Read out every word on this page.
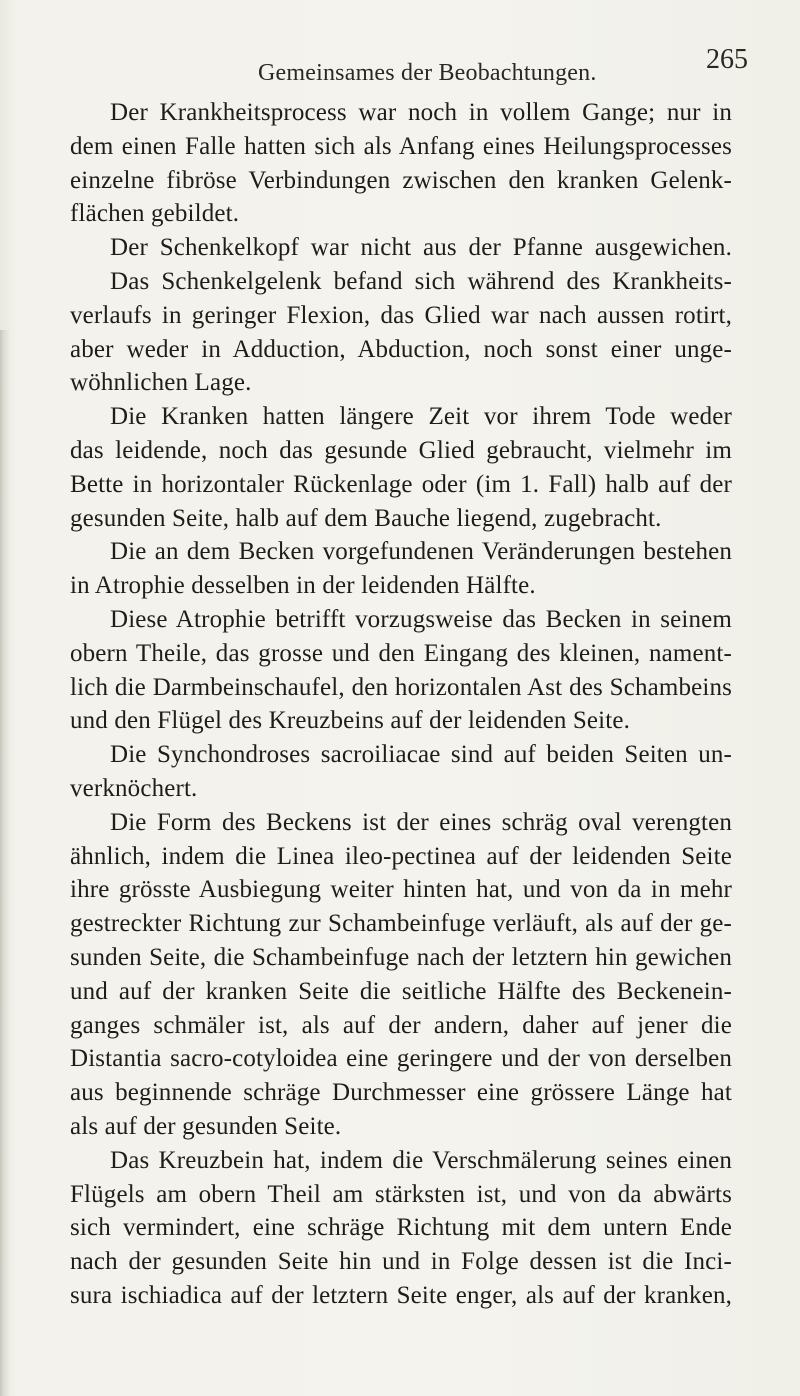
Gemeinsames der Beobachtungen.	265
Der Krankheitsprocess war noch in vollem Gange; nur in
dem einen Falle hatten sich als Anfang eines Heilungsprocesses
einzelne fibröse Verbindungen zwischen den kranken Gelenk-
flächen gebildet.
Der Schenkelkopf war nicht aus der Pfanne ausgewichen.
Das Schenkelgelenk befand sich während des Krankheits-
verlaufs in geringer Flexion, das Glied war nach aussen rotirt,
aber weder in Adduction, Abduction, noch sonst einer unge-
wöhnlichen Lage.
Die Kranken hatten längere Zeit vor ihrem Tode weder
das leidende, noch das gesunde Glied gebraucht, vielmehr im
Bette in horizontaler Rückenlage oder (im 1. Fall) halb auf der
gesunden Seite, halb auf dem Bauche liegend, zugebracht.
Die an dem Becken vorgefundenen Veränderungen bestehen
in Atrophie desselben in der leidenden Hälfte.
Diese Atrophie betrifft vorzugsweise das Becken in seinem
obern Theile, das grosse und den Eingang des kleinen, nament-
lich die Darmbeinschaufel, den horizontalen Ast des Schambeins
und den Flügel des Kreuzbeins auf der leidenden Seite.
Die Synchondroses sacroiliacae sind auf beiden Seiten un-
verknöchert.
Die Form des Beckens ist der eines schräg oval verengten
ähnlich, indem die Linea ileo-pectinea auf der leidenden Seite
ihre grösste Ausbiegung weiter hinten hat, und von da in mehr
gestreckter Richtung zur Schambeinfuge verläuft, als auf der ge-
sunden Seite, die Schambeinfuge nach der letztern hin gewichen
und auf der kranken Seite die seitliche Hälfte des Beckenein-
ganges schmäler ist, als auf der andern, daher auf jener die
Distantia sacro-cotyloidea eine geringere und der von derselben
aus beginnende schräge Durchmesser eine grössere Länge hat
als auf der gesunden Seite.
Das Kreuzbein hat, indem die Verschmälerung seines einen
Flügels am obern Theil am stärksten ist, und von da abwärts
sich vermindert, eine schräge Richtung mit dem untern Ende
nach der gesunden Seite hin und in Folge dessen ist die Inci-
sura ischiadica auf der letztern Seite enger, als auf der kranken,
